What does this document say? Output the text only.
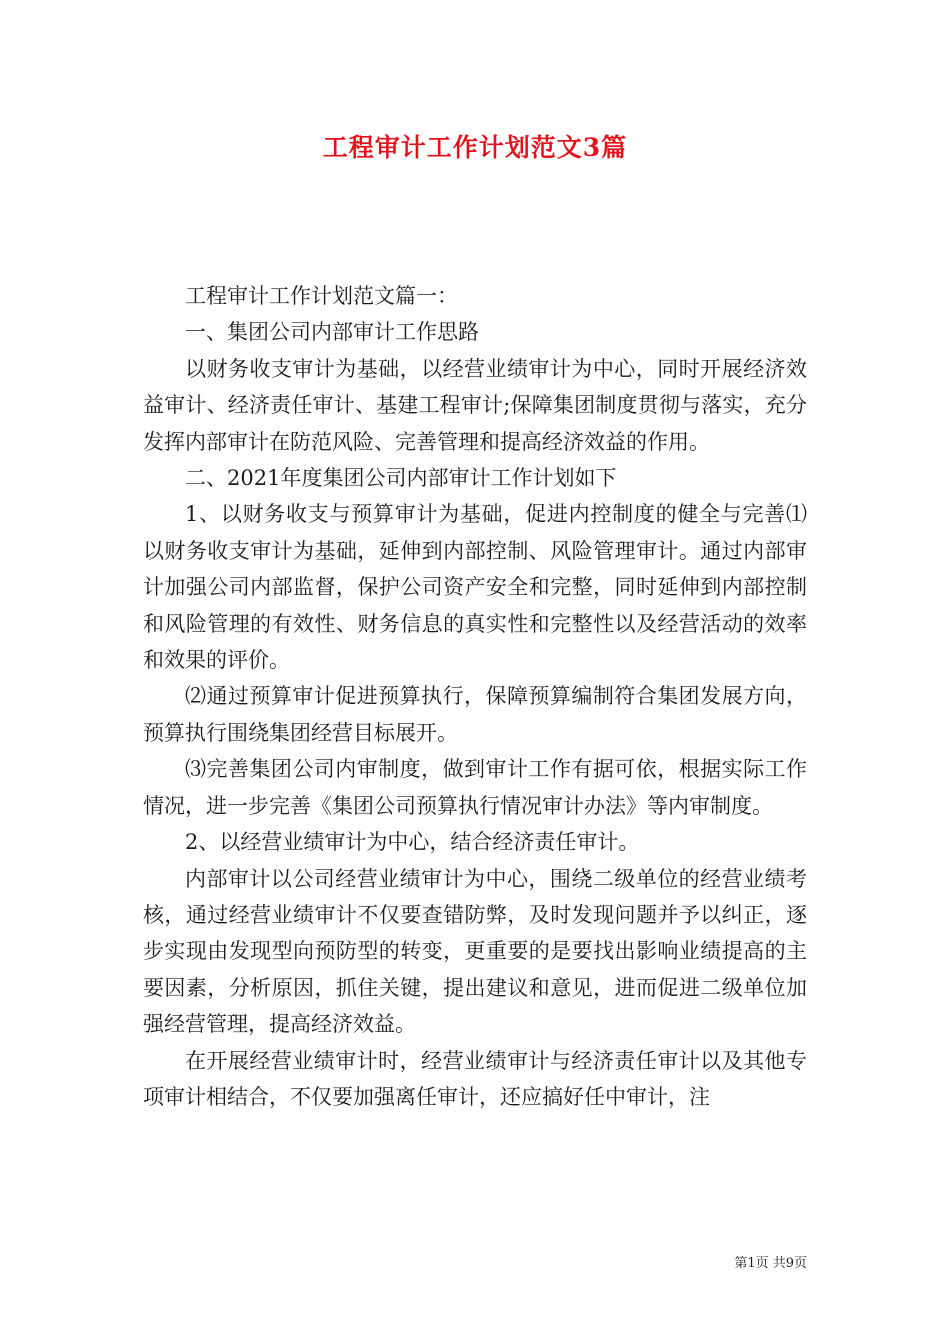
工程审计工作计划范文3篇

工程审计工作计划范文篇一：

一、集团公司内部审计工作思路

以财务收支审计为基础，以经营业绩审计为中心，同时开展经济效益审计、经济责任审计、基建工程审计;保障集团制度贯彻与落实，充分发挥内部审计在防范风险、完善管理和提高经济效益的作用。

二、2021年度集团公司内部审计工作计划如下

1、以财务收支与预算审计为基础，促进内控制度的健全与完善⑴以财务收支审计为基础，延伸到内部控制、风险管理审计。通过内部审计加强公司内部监督，保护公司资产安全和完整，同时延伸到内部控制和风险管理的有效性、财务信息的真实性和完整性以及经营活动的效率和效果的评价。

⑵通过预算审计促进预算执行，保障预算编制符合集团发展方向，预算执行围绕集团经营目标展开。

⑶完善集团公司内审制度，做到审计工作有据可依，根据实际工作情况，进一步完善《集团公司预算执行情况审计办法》等内审制度。

2、以经营业绩审计为中心，结合经济责任审计。

内部审计以公司经营业绩审计为中心，围绕二级单位的经营业绩考核，通过经营业绩审计不仅要查错防弊，及时发现问题并予以纠正，逐步实现由发现型向预防型的转变，更重要的是要找出影响业绩提高的主要因素，分析原因，抓住关键，提出建议和意见，进而促进二级单位加强经营管理，提高经济效益。

在开展经营业绩审计时，经营业绩审计与经济责任审计以及其他专项审计相结合，不仅要加强离任审计，还应搞好任中审计，注

第1页 共9页
